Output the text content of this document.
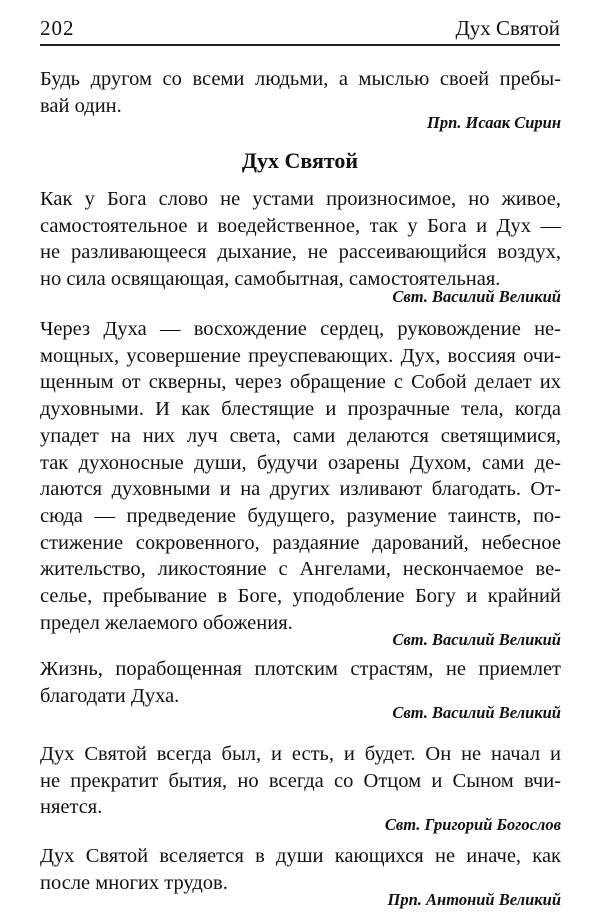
202	Дух Святой
Дух Святой
Будь другом со всеми людьми, а мыслью своей пребы-
вай один.
Прп. Исаак Сирин
Как у Бога слово не устами произносимое, но живое,
самостоятельное и воедейственное, так у Бога и Дух —
не разливающееся дыхание, не рассеивающийся воздух,
но сила освящающая, самобытная, самостоятельная.
Свт. Василий Великий
Через Духа — восхождение сердец, руковождение не-
мощных, усовершение преуспевающих. Дух, воссияя очи-
щенным от скверны, через обращение с Собой делает их
духовными. И как блестящие и прозрачные тела, когда
упадет на них луч света, сами делаются светящимися,
так духоносные души, будучи озарены Духом, сами де-
лаются духовными и на других изливают благодать. От-
сюда — предведение будущего, разумение таинств, по-
стижение сокровенного, раздаяние дарований, небесное
жительство, ликостояние с Ангелами, нескончаемое ве-
селье, пребывание в Боге, уподобление Богу и крайний
предел желаемого обожения.
Свт. Василий Великий
Жизнь, порабощенная плотским страстям, не приемлет
благодати Духа.
Свт. Василий Великий
Дух Святой всегда был, и есть, и будет. Он не начал и
не прекратит бытия, но всегда со Отцом и Сыном вчи-
няется.
Свт. Григорий Богослов
Дух Святой вселяется в души кающихся не иначе, как
после многих трудов.
Прп. Антоний Великий
